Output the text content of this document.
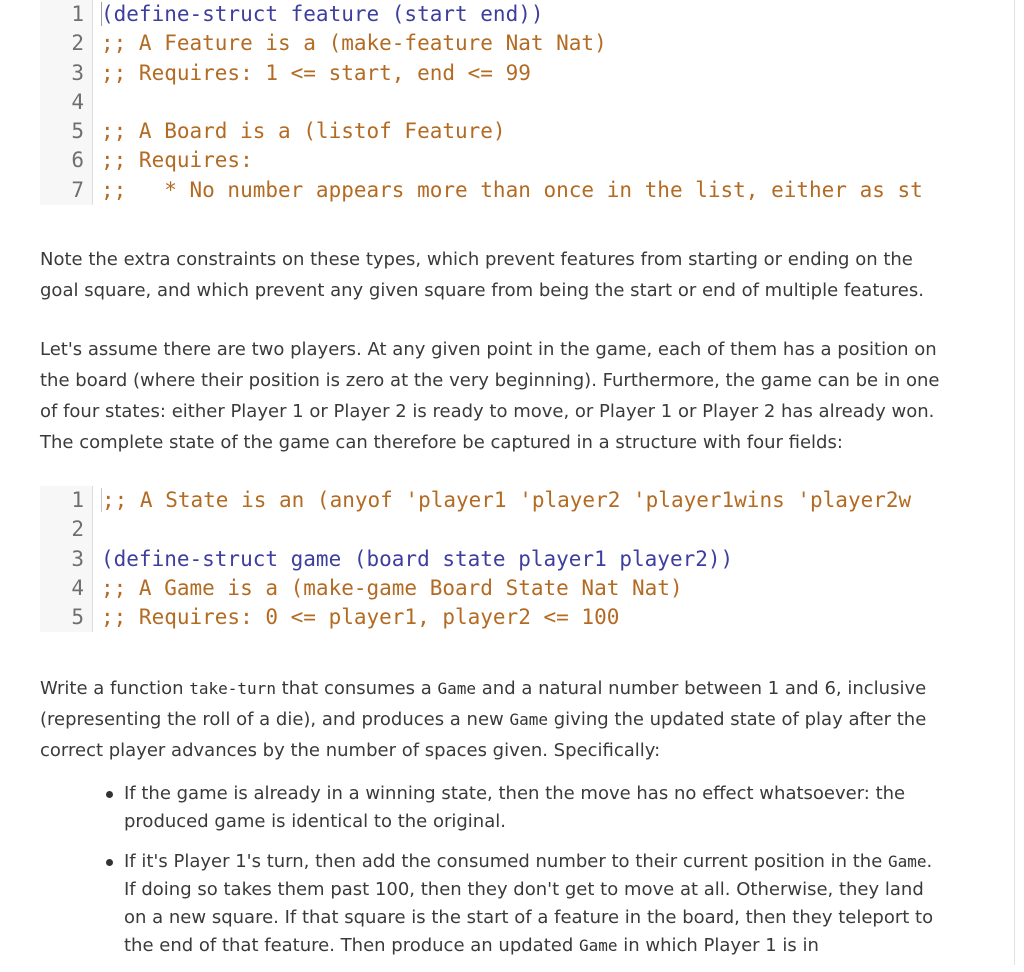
1 (define-struct feature (start end))
2 ;; A Feature is a (make-feature Nat Nat)
3 ;; Requires: 1 <= start, end <= 99
4
5 ;; A Board is a (listof Feature)
6 ;; Requires:
7 ;;   * No number appears more than once in the list, either as st
Note the extra constraints on these types, which prevent features from starting or ending on the goal square, and which prevent any given square from being the start or end of multiple features.
Let's assume there are two players. At any given point in the game, each of them has a position on the board (where their position is zero at the very beginning). Furthermore, the game can be in one of four states: either Player 1 or Player 2 is ready to move, or Player 1 or Player 2 has already won. The complete state of the game can therefore be captured in a structure with four fields:
1 ;; A State is an (anyof 'player1 'player2 'player1wins 'player2w
2
3 (define-struct game (board state player1 player2))
4 ;; A Game is a (make-game Board State Nat Nat)
5 ;; Requires: 0 <= player1, player2 <= 100
Write a function take-turn that consumes a Game and a natural number between 1 and 6, inclusive (representing the roll of a die), and produces a new Game giving the updated state of play after the correct player advances by the number of spaces given. Specifically:
If the game is already in a winning state, then the move has no effect whatsoever: the produced game is identical to the original.
If it's Player 1's turn, then add the consumed number to their current position in the Game. If doing so takes them past 100, then they don't get to move at all. Otherwise, they land on a new square. If that square is the start of a feature in the board, then they teleport to the end of that feature. Then produce an updated Game in which Player 1 is in
